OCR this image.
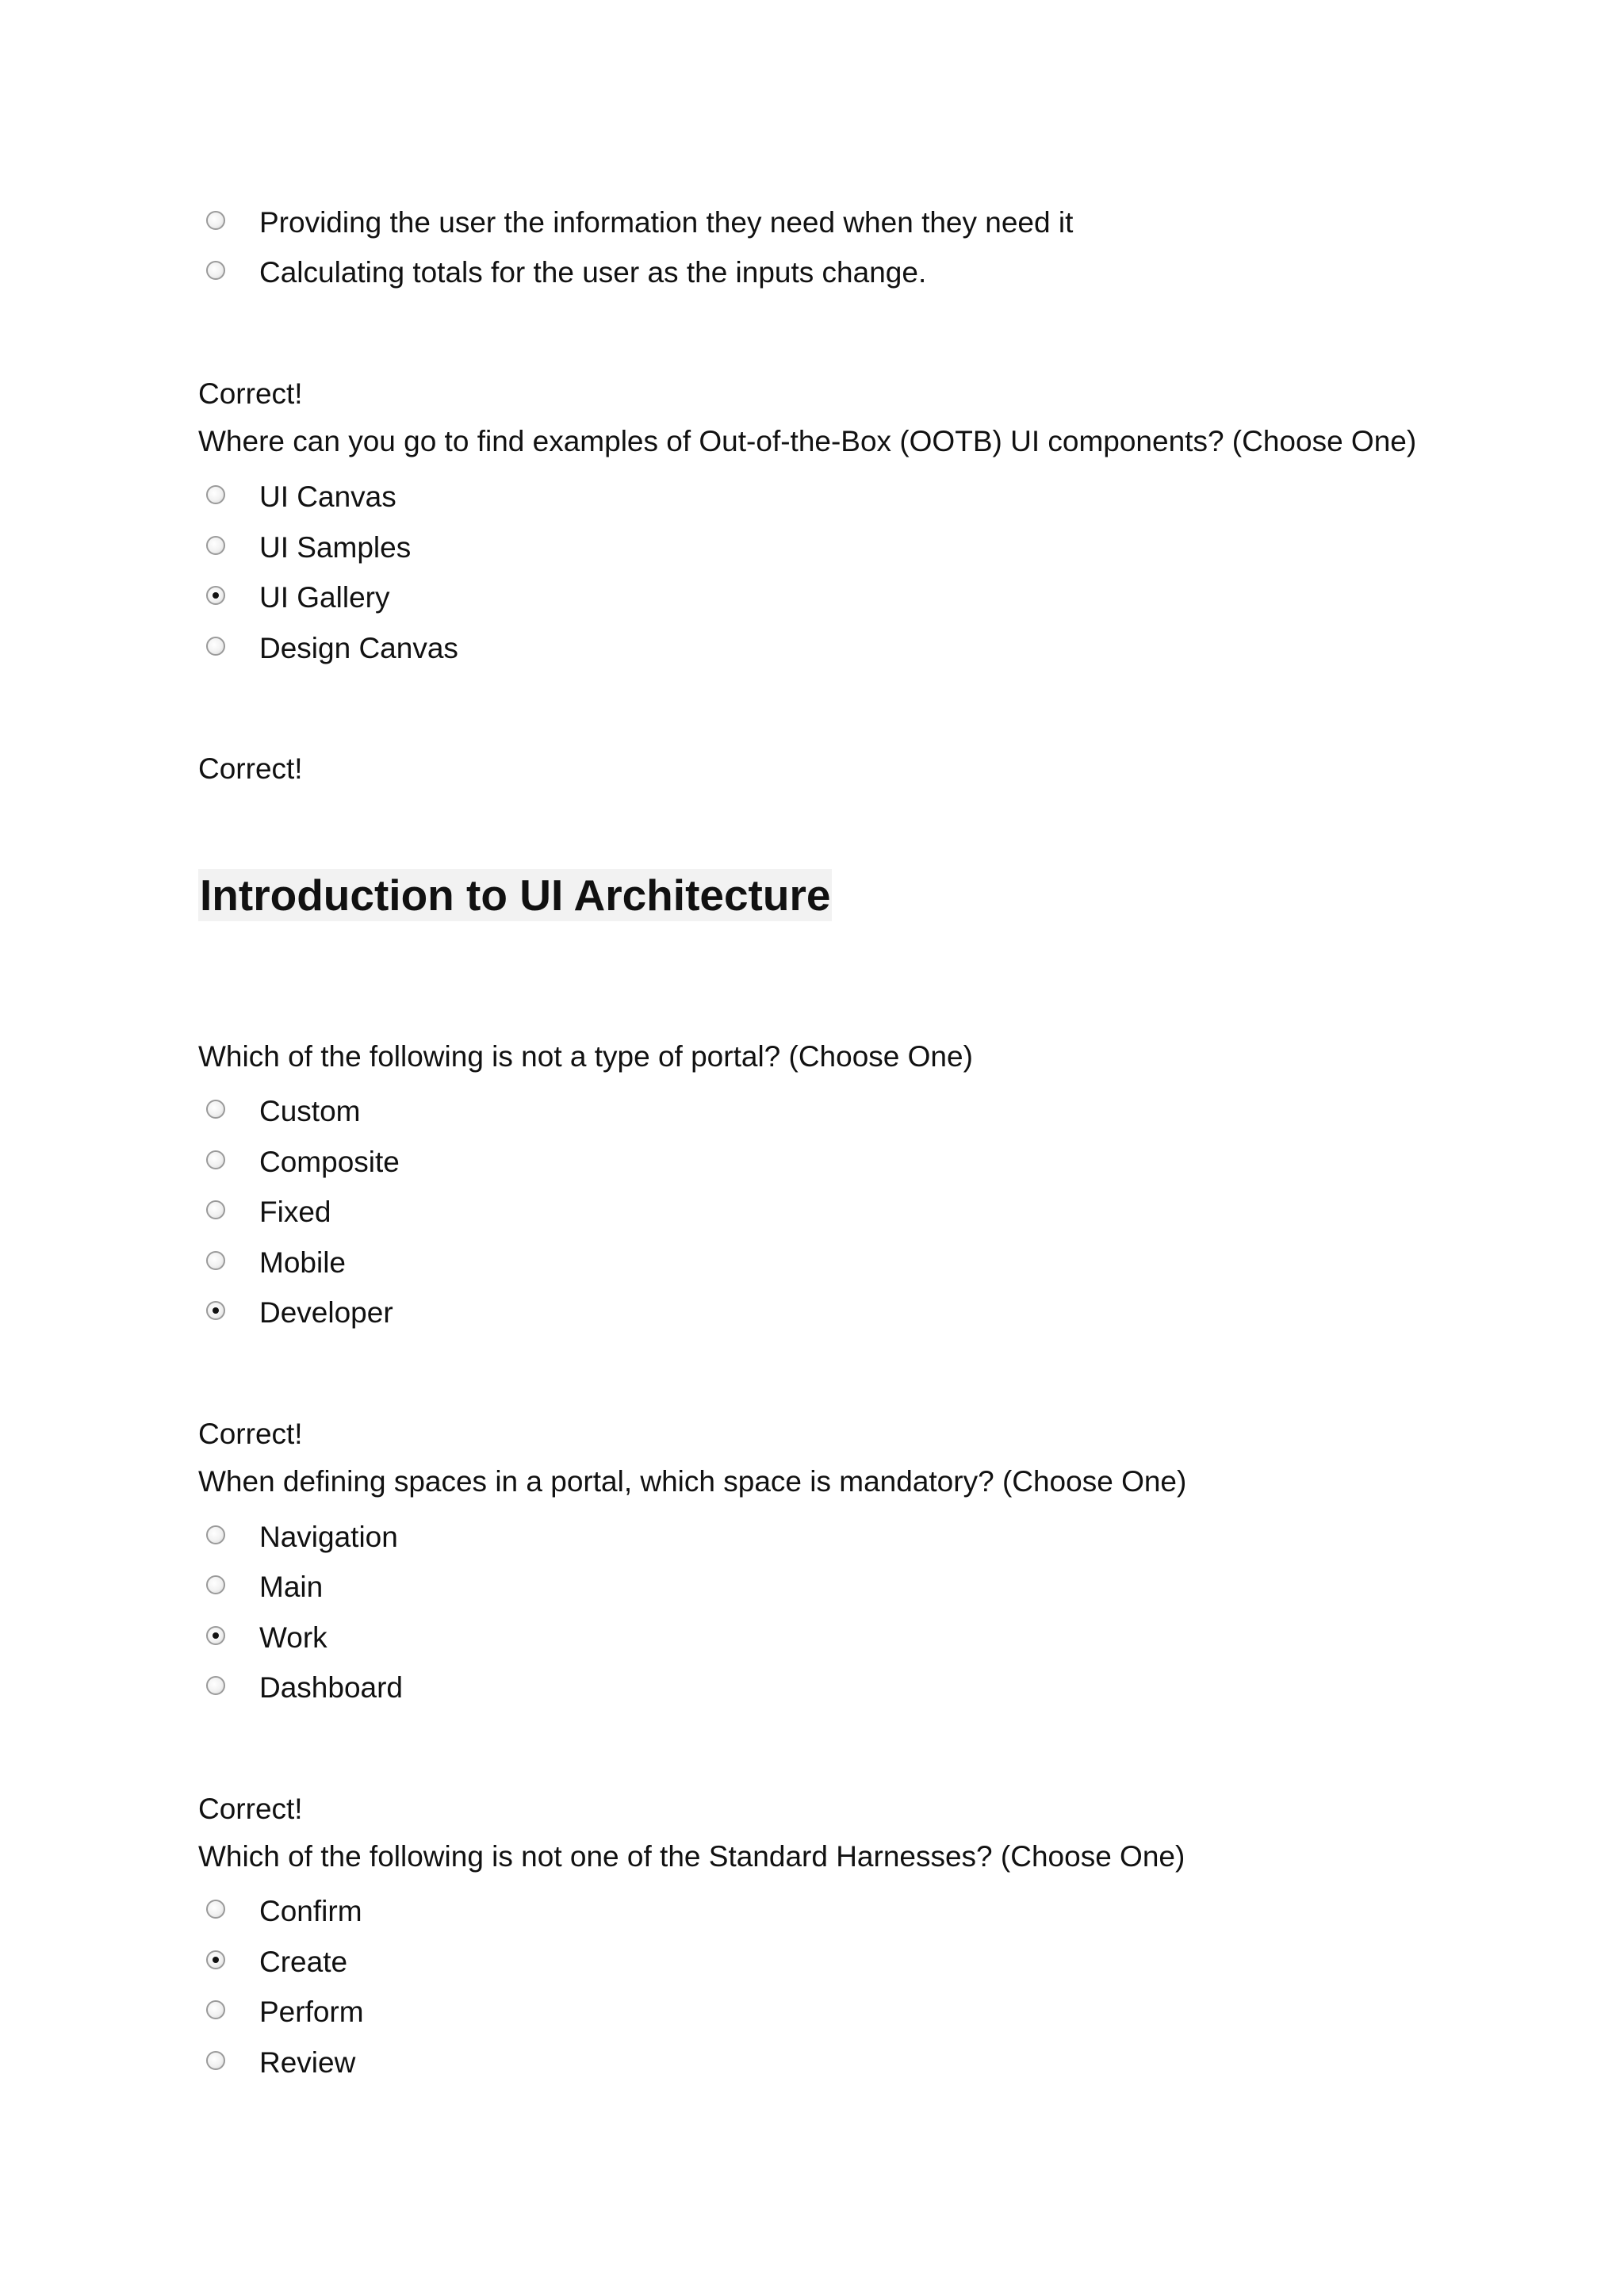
Providing the user the information they need when they need it
Calculating totals for the user as the inputs change.
Correct!
Where can you go to find examples of Out-of-the-Box (OOTB) UI components? (Choose One)
UI Canvas
UI Samples
UI Gallery
Design Canvas
Correct!
Introduction to UI Architecture
Which of the following is not a type of portal? (Choose One)
Custom
Composite
Fixed
Mobile
Developer
Correct!
When defining spaces in a portal, which space is mandatory? (Choose One)
Navigation
Main
Work
Dashboard
Correct!
Which of the following is not one of the Standard Harnesses? (Choose One)
Confirm
Create
Perform
Review
